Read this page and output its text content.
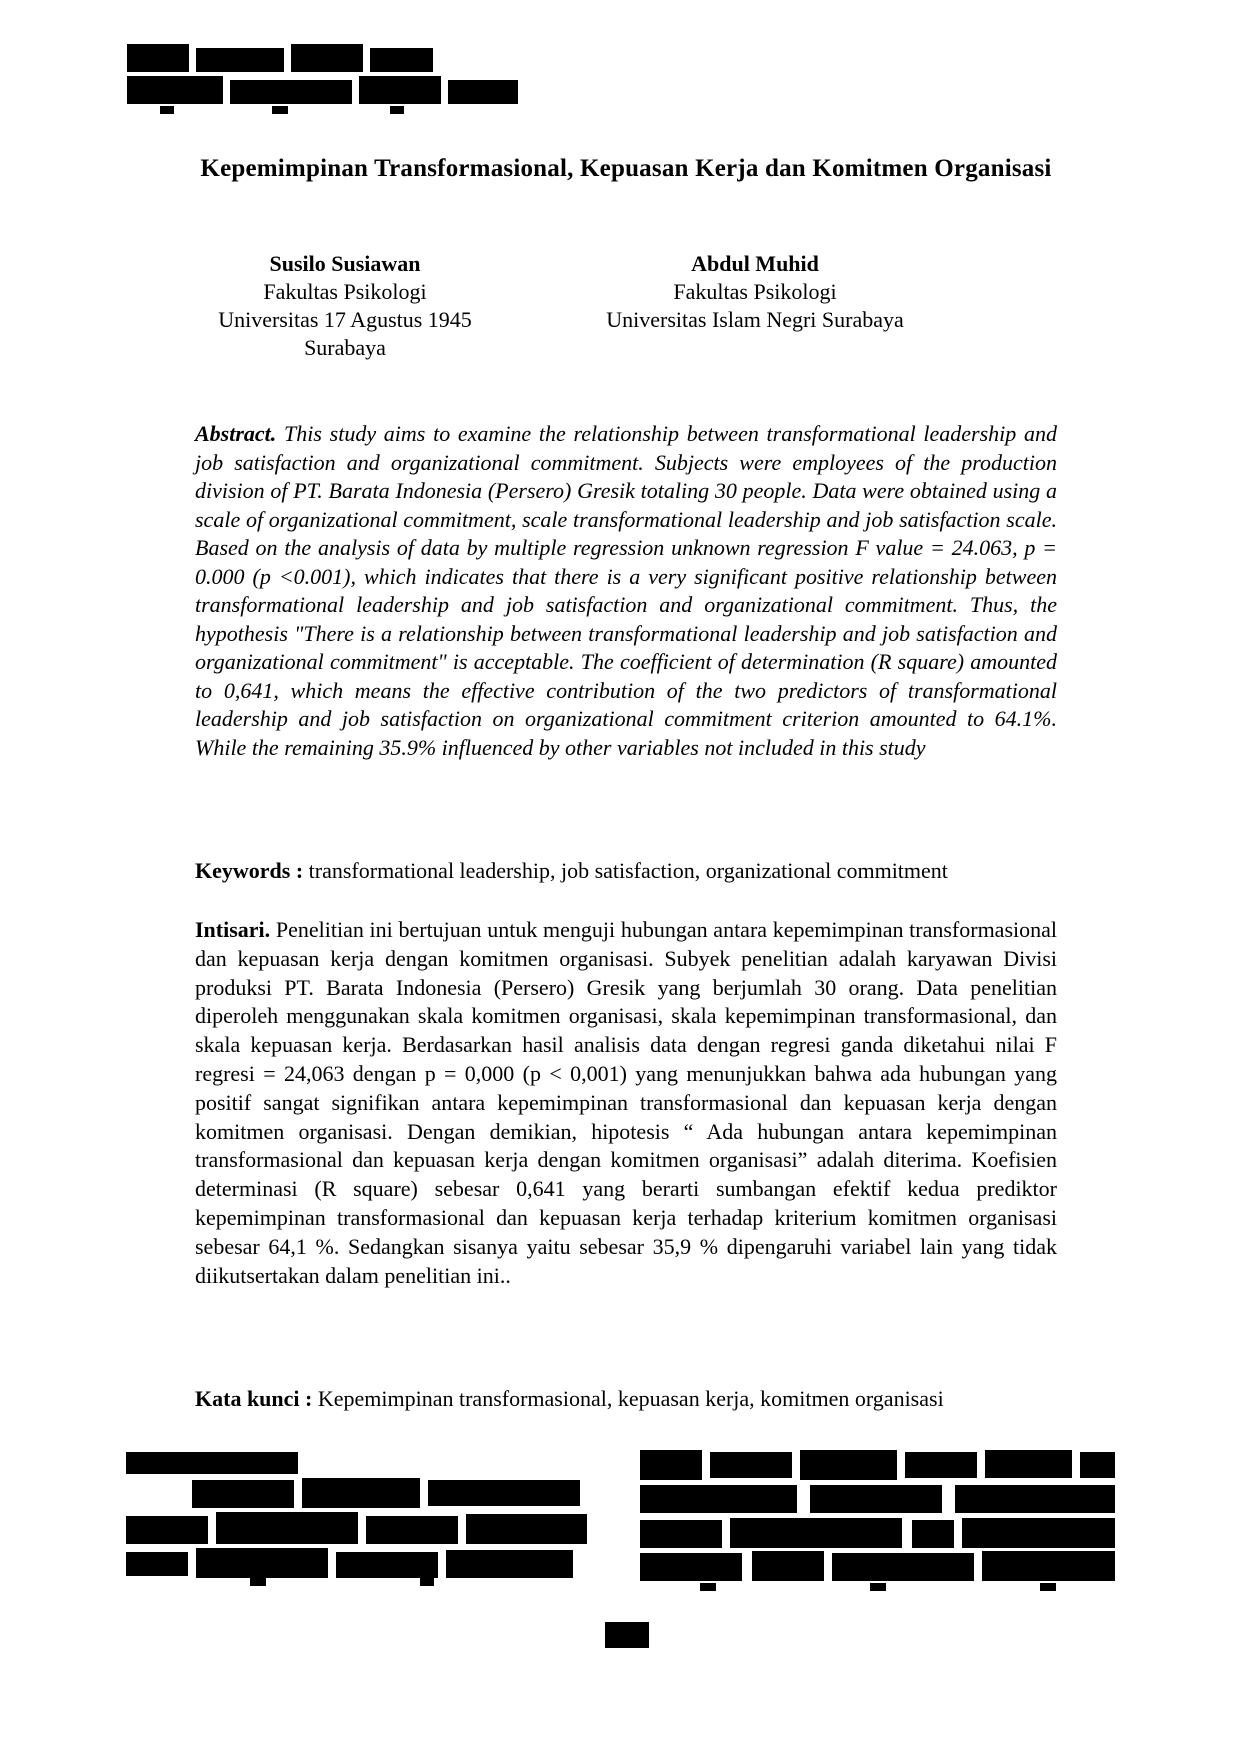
Kepemimpinan Transformasional, Kepuasan Kerja dan Komitmen Organisasi
Susilo Susiawan
Fakultas Psikologi
Universitas 17 Agustus 1945
Surabaya
Abdul Muhid
Fakultas Psikologi
Universitas Islam Negri Surabaya
Abstract. This study aims to examine the relationship between transformational leadership and job satisfaction and organizational commitment. Subjects were employees of the production division of PT. Barata Indonesia (Persero) Gresik totaling 30 people. Data were obtained using a scale of organizational commitment, scale transformational leadership and job satisfaction scale. Based on the analysis of data by multiple regression unknown regression F value = 24.063, p = 0.000 (p <0.001), which indicates that there is a very significant positive relationship between transformational leadership and job satisfaction and organizational commitment. Thus, the hypothesis "There is a relationship between transformational leadership and job satisfaction and organizational commitment" is acceptable. The coefficient of determination (R square) amounted to 0,641, which means the effective contribution of the two predictors of transformational leadership and job satisfaction on organizational commitment criterion amounted to 64.1%. While the remaining 35.9% influenced by other variables not included in this study
Keywords : transformational leadership, job satisfaction, organizational commitment
Intisari. Penelitian ini bertujuan untuk menguji hubungan antara kepemimpinan transformasional dan kepuasan kerja dengan komitmen organisasi. Subyek penelitian adalah karyawan Divisi produksi PT. Barata Indonesia (Persero) Gresik yang berjumlah 30 orang. Data penelitian diperoleh menggunakan skala komitmen organisasi, skala kepemimpinan transformasional, dan skala kepuasan kerja. Berdasarkan hasil analisis data dengan regresi ganda diketahui nilai F regresi = 24,063 dengan p = 0,000 (p < 0,001) yang menunjukkan bahwa ada hubungan yang positif sangat signifikan antara kepemimpinan transformasional dan kepuasan kerja dengan komitmen organisasi. Dengan demikian, hipotesis “ Ada hubungan antara kepemimpinan transformasional dan kepuasan kerja dengan komitmen organisasi” adalah diterima. Koefisien determinasi (R square) sebesar 0,641 yang berarti sumbangan efektif kedua prediktor kepemimpinan transformasional dan kepuasan kerja terhadap kriterium komitmen organisasi sebesar 64,1 %. Sedangkan sisanya yaitu sebesar 35,9 % dipengaruhi variabel lain yang tidak diikutsertakan dalam penelitian ini..
Kata kunci : Kepemimpinan transformasional, kepuasan kerja, komitmen organisasi
